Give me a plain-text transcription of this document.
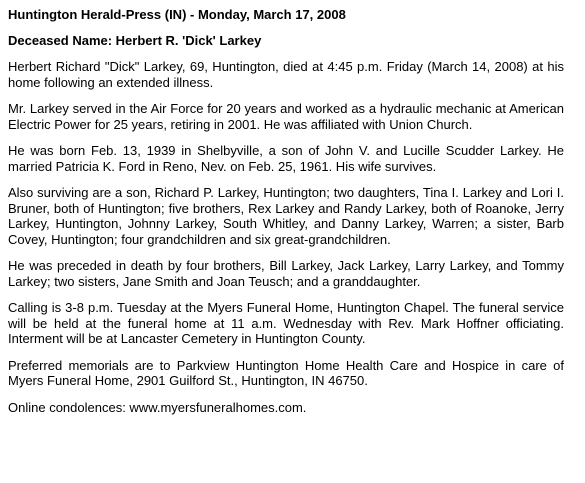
Huntington Herald-Press (IN) - Monday, March 17, 2008

Deceased Name: Herbert R. 'Dick' Larkey

Herbert Richard "Dick" Larkey, 69, Huntington, died at 4:45 p.m. Friday (March 14, 2008) at his home following an extended illness.

Mr. Larkey served in the Air Force for 20 years and worked as a hydraulic mechanic at American Electric Power for 25 years, retiring in 2001. He was affiliated with Union Church.

He was born Feb. 13, 1939 in Shelbyville, a son of John V. and Lucille Scudder Larkey. He married Patricia K. Ford in Reno, Nev. on Feb. 25, 1961. His wife survives.

Also surviving are a son, Richard P. Larkey, Huntington; two daughters, Tina I. Larkey and Lori I. Bruner, both of Huntington; five brothers, Rex Larkey and Randy Larkey, both of Roanoke, Jerry Larkey, Huntington, Johnny Larkey, South Whitley, and Danny Larkey, Warren; a sister, Barb Covey, Huntington; four grandchildren and six great-grandchildren.

He was preceded in death by four brothers, Bill Larkey, Jack Larkey, Larry Larkey, and Tommy Larkey; two sisters, Jane Smith and Joan Teusch; and a granddaughter.

Calling is 3-8 p.m. Tuesday at the Myers Funeral Home, Huntington Chapel. The funeral service will be held at the funeral home at 11 a.m. Wednesday with Rev. Mark Hoffner officiating. Interment will be at Lancaster Cemetery in Huntington County.

Preferred memorials are to Parkview Huntington Home Health Care and Hospice in care of Myers Funeral Home, 2901 Guilford St., Huntington, IN 46750.

Online condolences: www.myersfuneralhomes.com.
